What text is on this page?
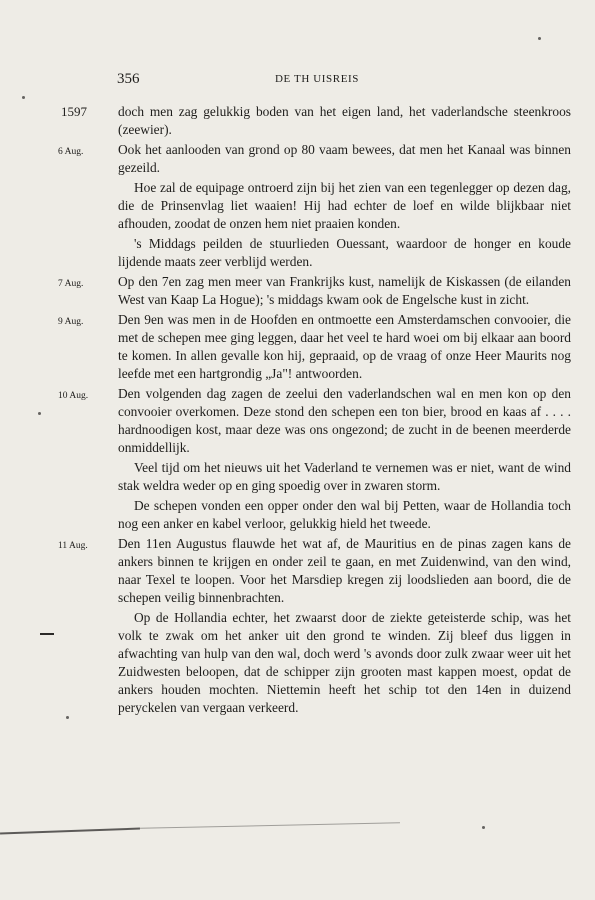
356	DE TH UISREIS
1597 doch men zag gelukkig boden van het eigen land, het vaderlandsche steenkroos (zeewier).
6 Aug.	Ook het aanlooden van grond op 80 vaam bewees, dat men het Kanaal was binnen gezeild.
Hoe zal de equipage ontroerd zijn bij het zien van een tegenlegger op dezen dag, die de Prinsenvlag liet waaien! Hij had echter de loef en wilde blijkbaar niet afhouden, zoodat de onzen hem niet praaien konden.
's Middags peilden de stuurlieden Ouessant, waardoor de honger en koude lijdende maats zeer verblijd werden.
7 Aug.	Op den 7en zag men meer van Frankrijks kust, namelijk de Kiskassen (de eilanden West van Kaap La Hogue); 's middags kwam ook de Engelsche kust in zicht.
9 Aug.	Den 9en was men in de Hoofden en ontmoette een Amsterdamschen convooier, die met de schepen mee ging leggen, daar het veel te hard woei om bij elkaar aan boord te komen. In allen gevalle kon hij, gepraaid, op de vraag of onze Heer Maurits nog leefde met een hartgrondig „Ja"! antwoorden.
10 Aug. Den volgenden dag zagen de zeelui den vaderlandschen wal en men kon op den convooier overkomen. Deze stond den schepen een ton bier, brood en kaas af . . . . hardnoodigen kost, maar deze was ons ongezond; de zucht in de beenen meerderde onmiddellijk.
Veel tijd om het nieuws uit het Vaderland te vernemen was er niet, want de wind stak weldra weder op en ging spoedig over in zwaren storm.
De schepen vonden een opper onder den wal bij Petten, waar de Hollandia toch nog een anker en kabel verloor, gelukkig hield het tweede.
11 Aug. Den 11en Augustus flauwde het wat af, de Mauritius en de pinas zagen kans de ankers binnen te krijgen en onder zeil te gaan, en met Zuidenwind, van den wind, naar Texel te loopen. Voor het Marsdiep kregen zij loodslieden aan boord, die de schepen veilig binnenbrachten.
Op de Hollandia echter, het zwaarst door de ziekte geteisterde schip, was het volk te zwak om het anker uit den grond te winden. Zij bleef dus liggen in afwachting van hulp van den wal, doch werd 's avonds door zulk zwaar weer uit het Zuidwesten beloopen, dat de schipper zijn grooten mast kappen moest, opdat de ankers houden mochten. Niettemin heeft het schip tot den 14en in duizend peryckelen van vergaan verkeerd.
